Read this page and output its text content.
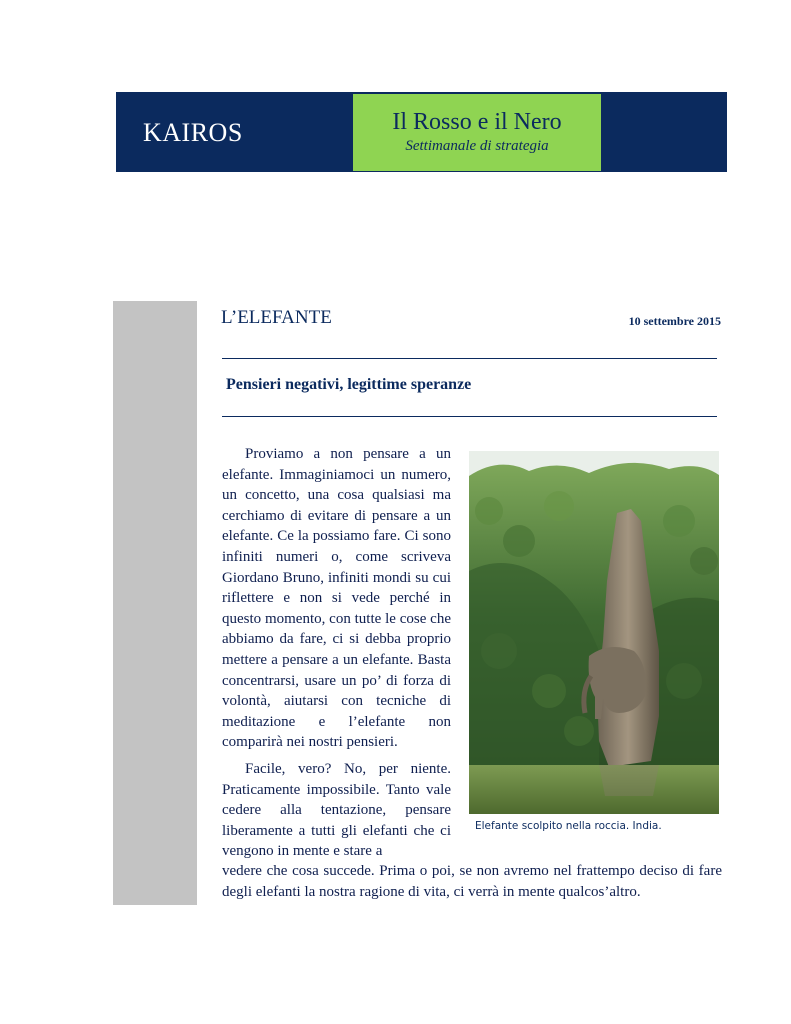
KAIROS	Il Rosso e il Nero
Settimanale di strategia
L’ELEFANTE	10 settembre 2015
Pensieri negativi, legittime speranze

Proviamo a non pensare a un elefante. Immaginiamoci un numero, un concetto, una cosa qualsiasi ma cerchiamo di evitare di pensare a un elefante. Ce la possiamo fare. Ci sono infiniti numeri o, come scriveva Giordano Bruno, infiniti mondi su cui riflettere e non si vede perché in questo momento, con tutte le cose che abbiamo da fare, ci si debba proprio mettere a pensare a un elefante. Basta concentrarsi, usare un po’ di forza di volontà, aiutarsi con tecniche di meditazione e l’elefante non comparirà nei nostri pensieri.

Facile, vero? No, per niente. Praticamente impossibile. Tanto vale cedere alla tentazione, pensare liberamente a tutti gli elefanti che ci vengono in mente e stare a

vedere che cosa succede. Prima o poi, se non avremo nel frattempo deciso di fare degli elefanti la nostra ragione di vita, ci verrà in mente qualcos’altro.
Elefante scolpito nella roccia. India.
